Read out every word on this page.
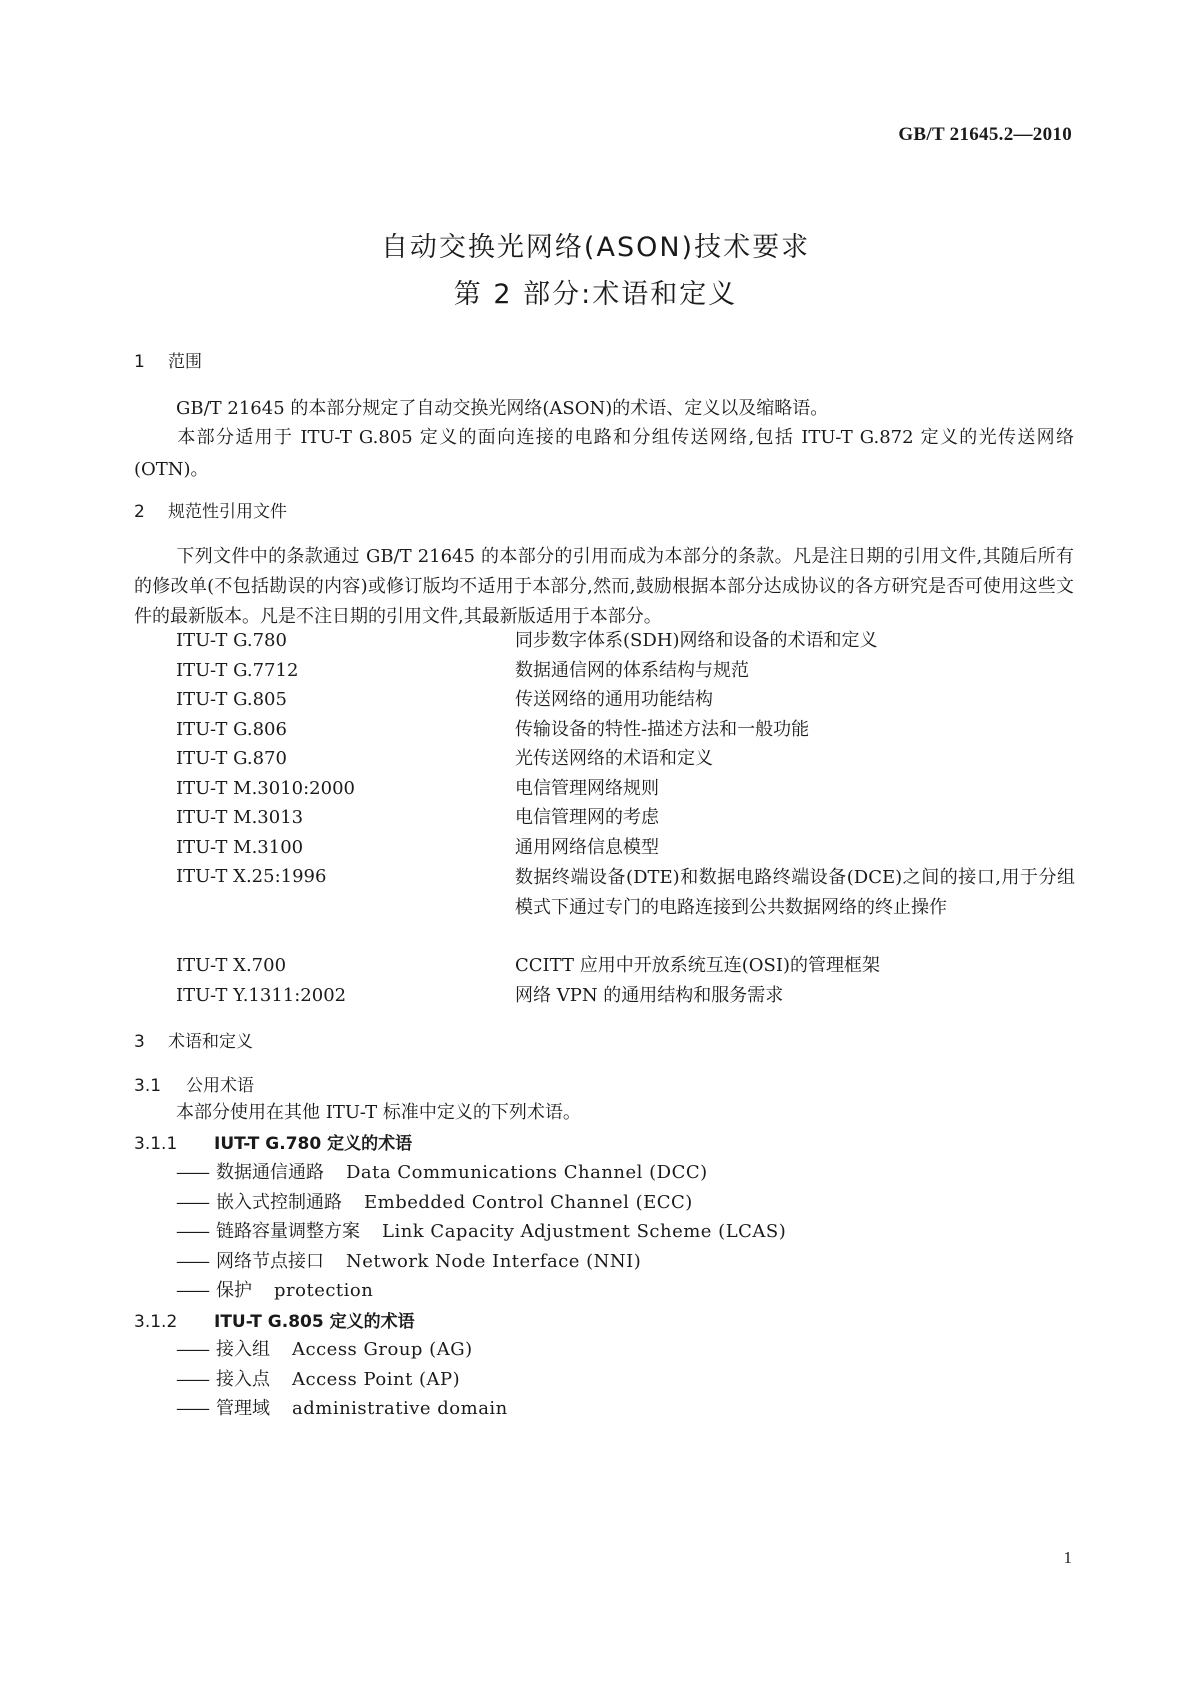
GB/T 21645.2—2010
自动交换光网络(ASON)技术要求
第 2 部分:术语和定义
1 范围
GB/T 21645 的本部分规定了自动交换光网络(ASON)的术语、定义以及缩略语。
本部分适用于 ITU-T G.805 定义的面向连接的电路和分组传送网络,包括 ITU-T G.872 定义的光传送网络(OTN)。
2 规范性引用文件
下列文件中的条款通过 GB/T 21645 的本部分的引用而成为本部分的条款。凡是注日期的引用文件,其随后所有的修改单(不包括勘误的内容)或修订版均不适用于本部分,然而,鼓励根据本部分达成协议的各方研究是否可使用这些文件的最新版本。凡是不注日期的引用文件,其最新版适用于本部分。
ITU-T G.780	同步数字体系(SDH)网络和设备的术语和定义
ITU-T G.7712	数据通信网的体系结构与规范
ITU-T G.805	传送网络的通用功能结构
ITU-T G.806	传输设备的特性-描述方法和一般功能
ITU-T G.870	光传送网络的术语和定义
ITU-T M.3010:2000	电信管理网络规则
ITU-T M.3013	电信管理网的考虑
ITU-T M.3100	通用网络信息模型
ITU-T X.25:1996	数据终端设备(DTE)和数据电路终端设备(DCE)之间的接口,用于分组模式下通过专门的电路连接到公共数据网络的终止操作
ITU-T X.700	CCITT 应用中开放系统互连(OSI)的管理框架
ITU-T Y.1311:2002	网络 VPN 的通用结构和服务需求
3 术语和定义
3.1 公用术语
本部分使用在其他 ITU-T 标准中定义的下列术语。
3.1.1 IUT-T G.780 定义的术语
—— 数据通信通路 Data Communications Channel (DCC)
—— 嵌入式控制通路 Embedded Control Channel (ECC)
—— 链路容量调整方案 Link Capacity Adjustment Scheme (LCAS)
—— 网络节点接口 Network Node Interface (NNI)
—— 保护 protection
3.1.2 ITU-T G.805 定义的术语
—— 接入组 Access Group (AG)
—— 接入点 Access Point (AP)
—— 管理域 administrative domain
1
